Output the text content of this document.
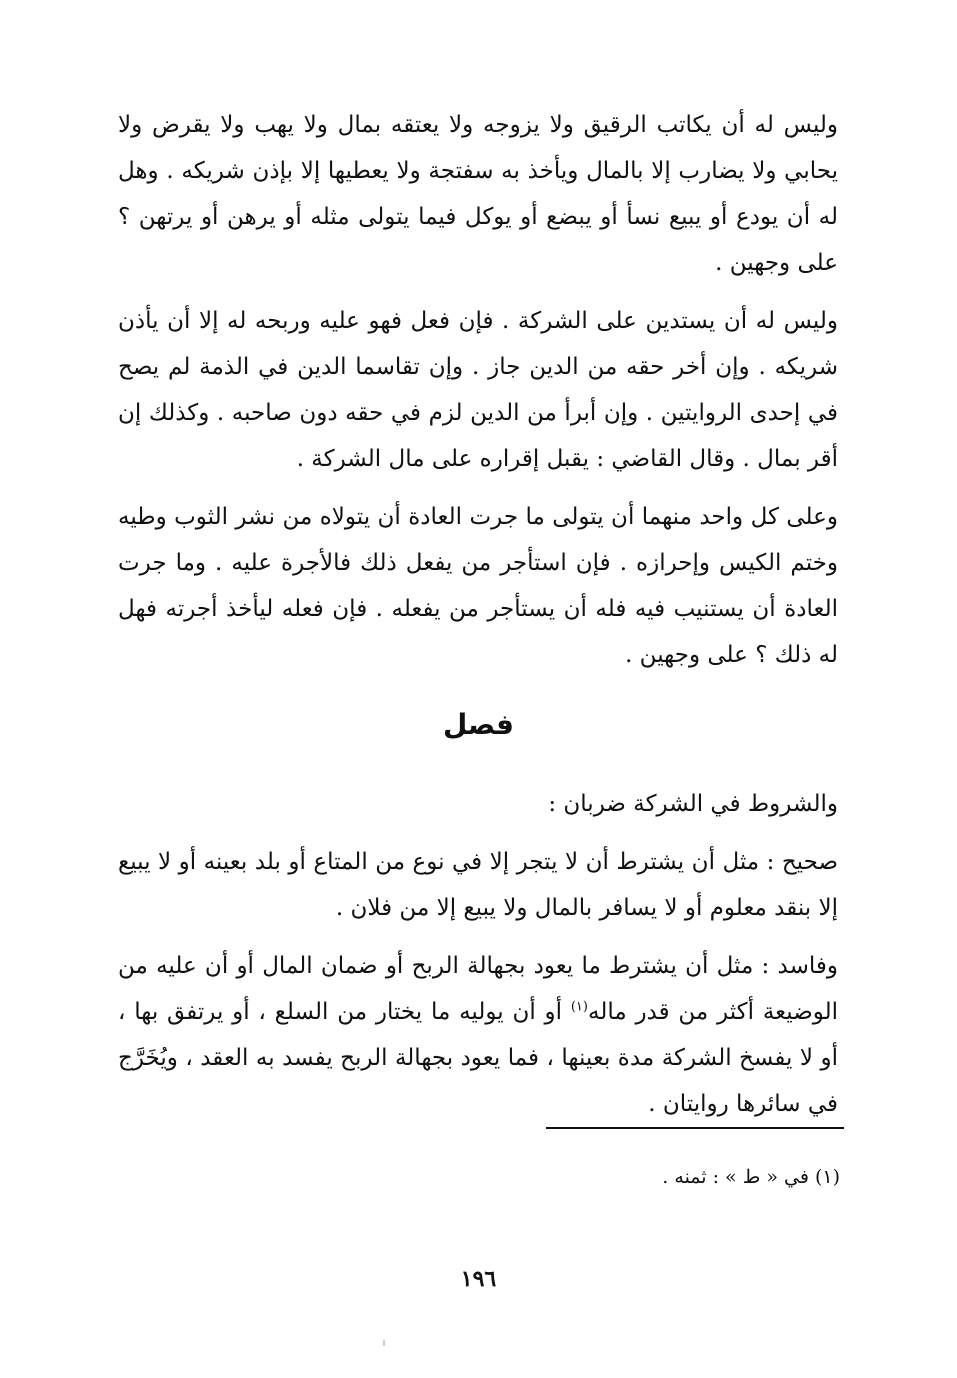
وليس له أن يكاتب الرقيق ولا يزوجه ولا يعتقه بمال ولا يهب ولا يقرض ولا يحابي ولا يضارب إلا بالمال ويأخذ به سفتجة ولا يعطيها إلا بإذن شريكه . وهل له أن يودع أو يبيع نسأ أو يبضع أو يوكل فيما يتولى مثله أو يرهن أو يرتهن ؟ على وجهين .

وليس له أن يستدين على الشركة . فإن فعل فهو عليه وربحه له إلا أن يأذن شريكه . وإن أخر حقه من الدين جاز . وإن تقاسما الدين في الذمة لم يصح في إحدى الروايتين . وإن أبرأ من الدين لزم في حقه دون صاحبه . وكذلك إن أقر بمال . وقال القاضي : يقبل إقراره على مال الشركة .

وعلى كل واحد منهما أن يتولى ما جرت العادة أن يتولاه من نشر الثوب وطيه وختم الكيس وإحرازه . فإن استأجر من يفعل ذلك فالأجرة عليه . وما جرت العادة أن يستنيب فيه فله أن يستأجر من يفعله . فإن فعله ليأخذ أجرته فهل له ذلك ؟ على وجهين .

فصل

والشروط في الشركة ضربان :

صحيح : مثل أن يشترط أن لا يتجر إلا في نوع من المتاع أو بلد بعينه أو لا يبيع إلا بنقد معلوم أو لا يسافر بالمال ولا يبيع إلا من فلان .

وفاسد : مثل أن يشترط ما يعود بجهالة الربح أو ضمان المال أو أن عليه من الوضيعة أكثر من قدر ماله$^{(١)}$ أو أن يوليه ما يختار من السلع ، أو يرتفق بها ، أو لا يفسخ الشركة مدة بعينها ، فما يعود بجهالة الربح يفسد به العقد ، ويُخَرَّج في سائرها روايتان .

(١) في « ط » : ثمنه .
١٩٦
